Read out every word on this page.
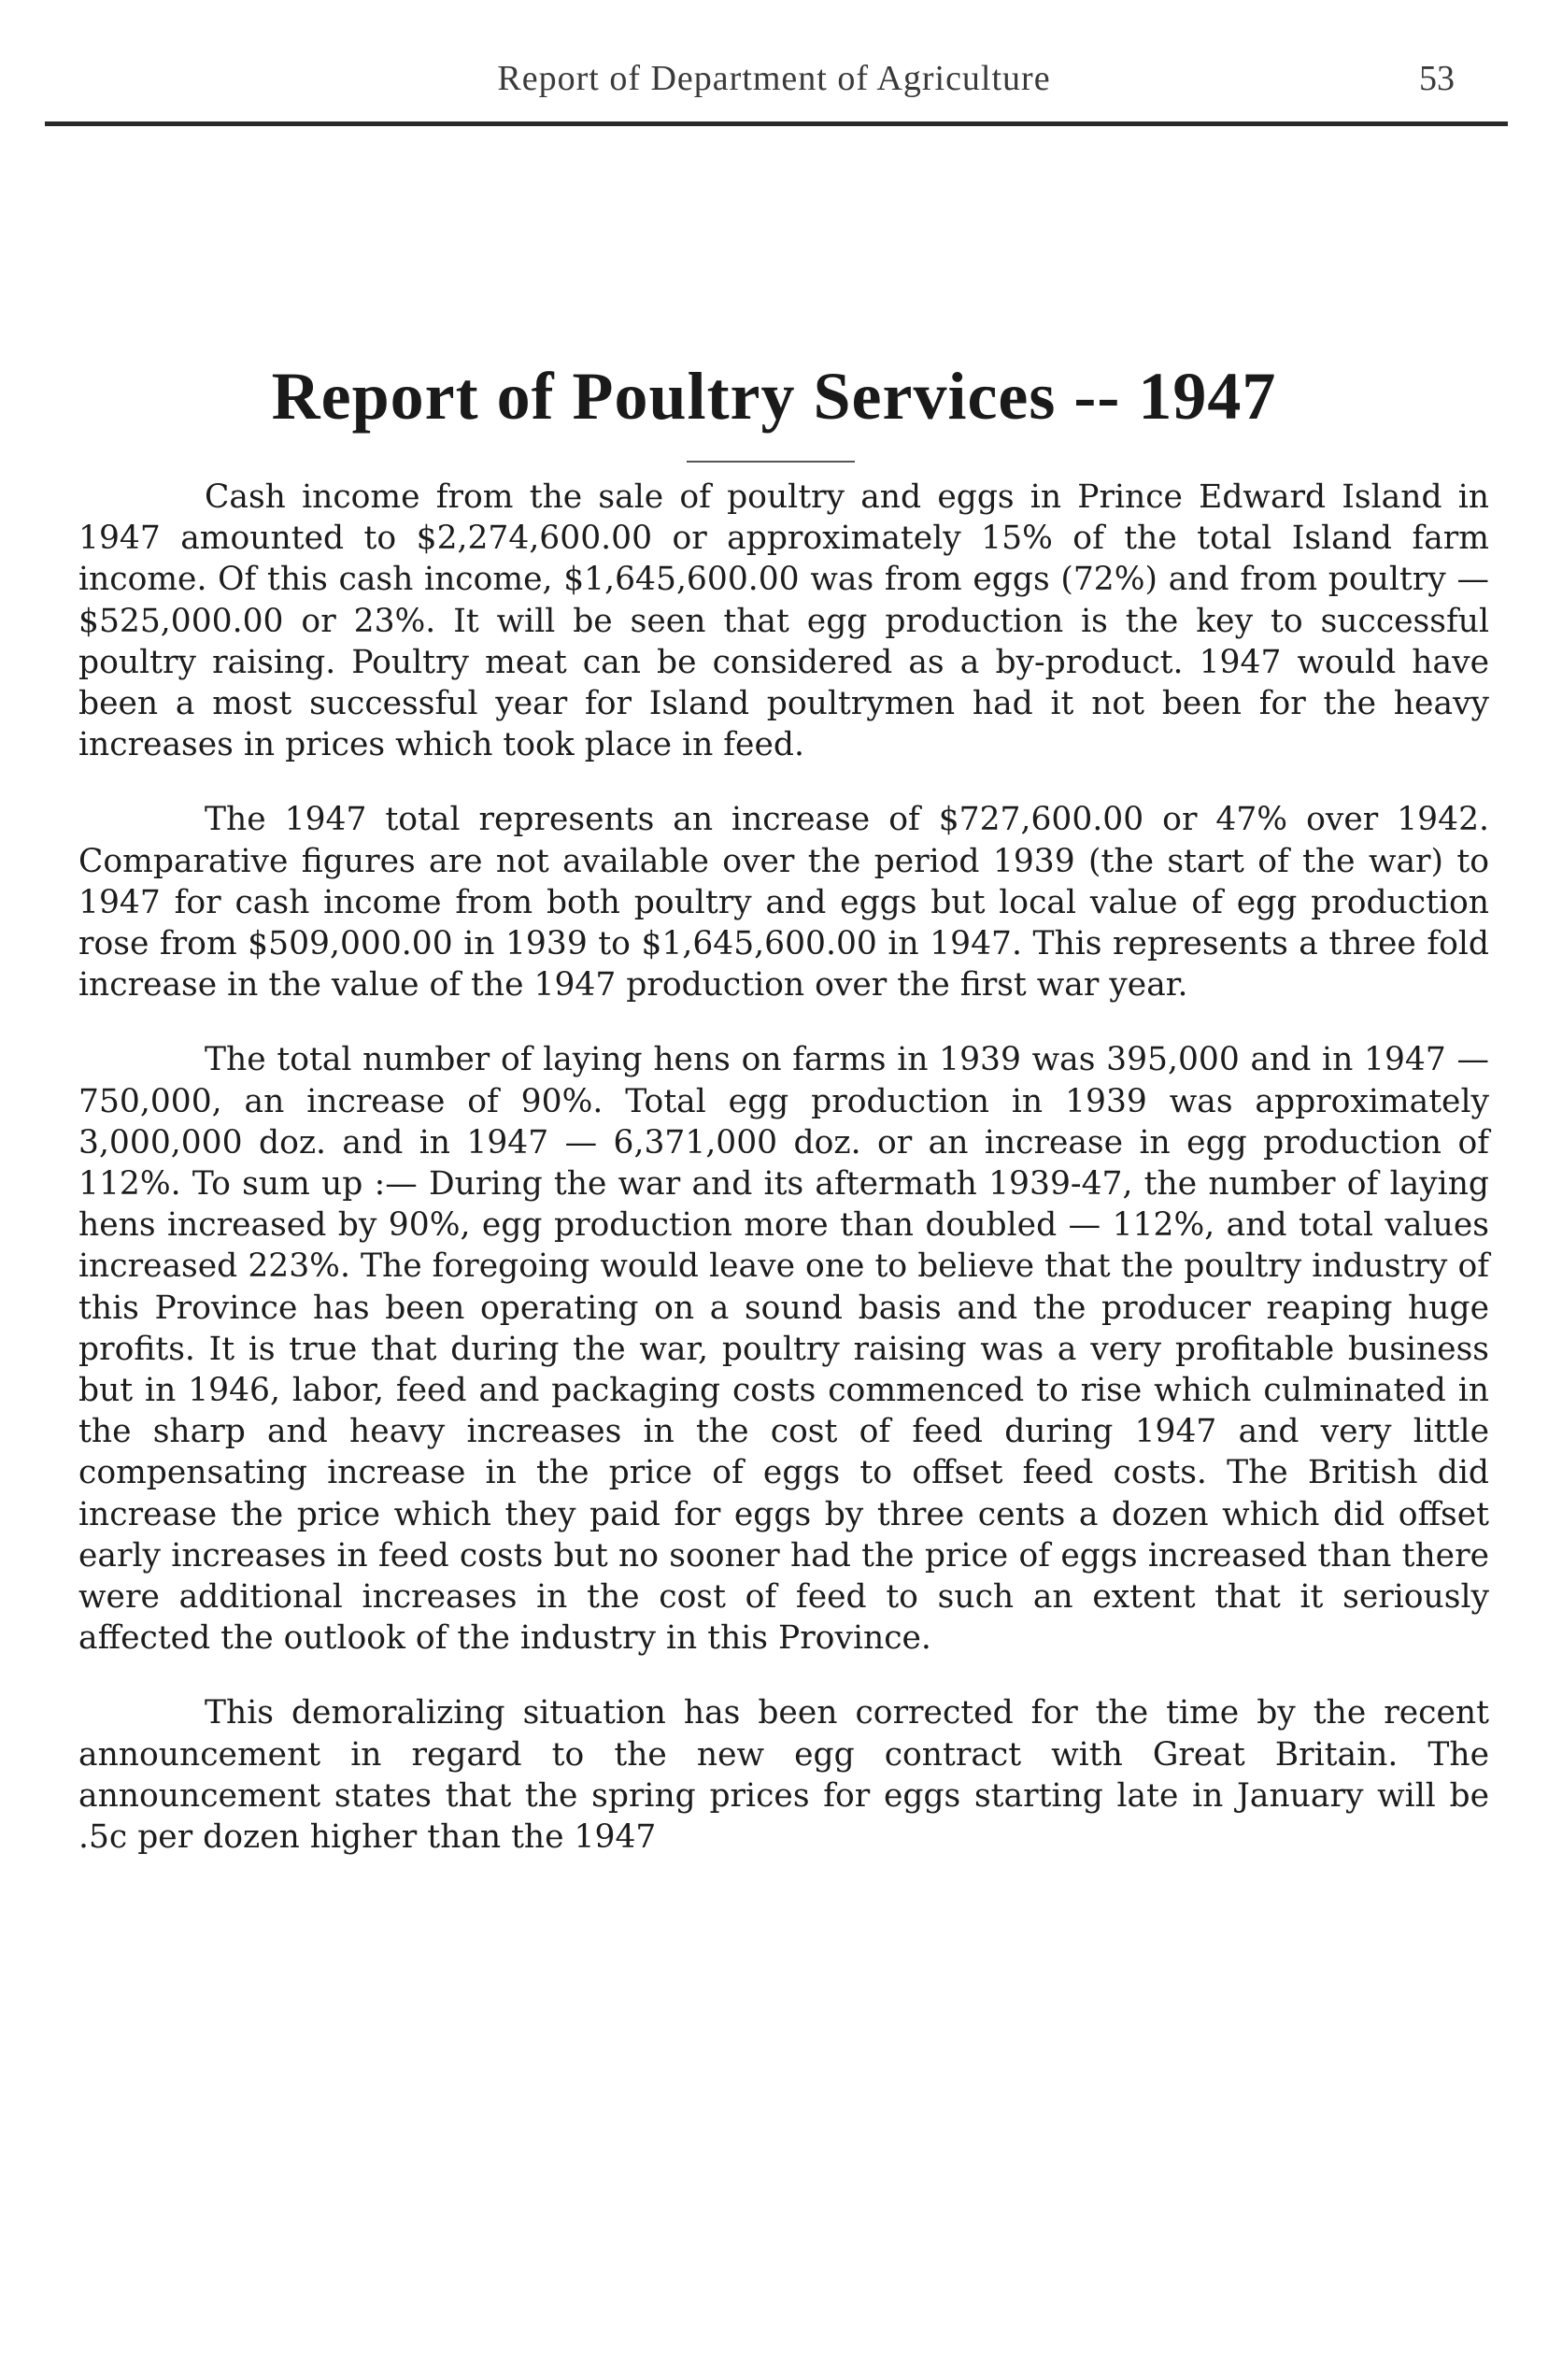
Report of Department of Agriculture	53
Report of Poultry Services -- 1947

Cash income from the sale of poultry and eggs in Prince Edward Island in 1947 amounted to $2,274,600.00 or approximately 15% of the total Island farm income. Of this cash income, $1,645,600.00 was from eggs (72%) and from poultry — $525,000.00 or 23%. It will be seen that egg production is the key to successful poultry raising. Poultry meat can be considered as a by-product. 1947 would have been a most successful year for Island poultrymen had it not been for the heavy increases in prices which took place in feed.

The 1947 total represents an increase of $727,600.00 or 47% over 1942. Comparative figures are not available over the period 1939 (the start of the war) to 1947 for cash income from both poultry and eggs but local value of egg production rose from $509,000.00 in 1939 to $1,645,600.00 in 1947. This represents a three fold increase in the value of the 1947 production over the first war year.

The total number of laying hens on farms in 1939 was 395,000 and in 1947 — 750,000, an increase of 90%. Total egg production in 1939 was approximately 3,000,000 doz. and in 1947 — 6,371,000 doz. or an increase in egg production of 112%. To sum up :— During the war and its aftermath 1939-47, the number of laying hens increased by 90%, egg production more than doubled — 112%, and total values increased 223%. The foregoing would leave one to believe that the poultry industry of this Province has been operating on a sound basis and the producer reaping huge profits. It is true that during the war, poultry raising was a very profitable business but in 1946, labor, feed and packaging costs commenced to rise which culminated in the sharp and heavy increases in the cost of feed during 1947 and very little compensating increase in the price of eggs to offset feed costs. The British did increase the price which they paid for eggs by three cents a dozen which did offset early increases in feed costs but no sooner had the price of eggs increased than there were additional increases in the cost of feed to such an extent that it seriously affected the outlook of the industry in this Province.

This demoralizing situation has been corrected for the time by the recent announcement in regard to the new egg contract with Great Britain. The announcement states that the spring prices for eggs starting late in January will be .5c per dozen higher than the 1947
